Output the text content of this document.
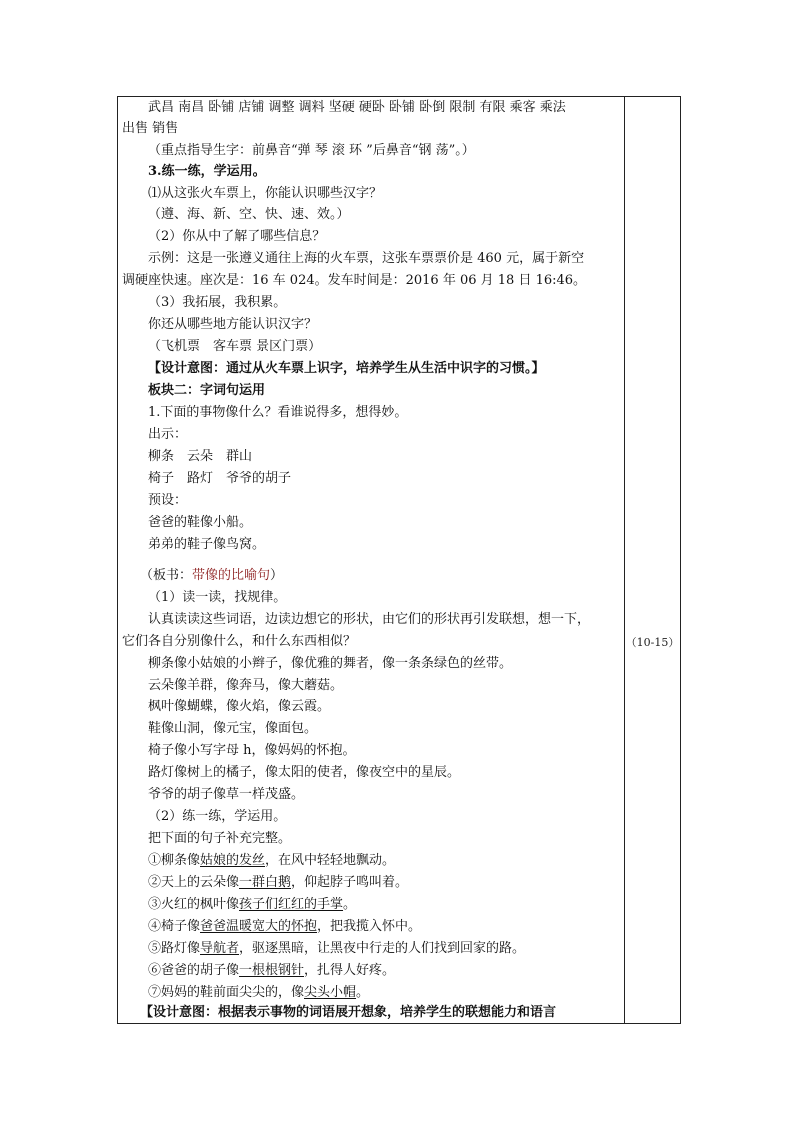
武昌 南昌 卧铺 店铺 调整 调料 坚硬 硬卧 卧铺 卧倒 限制 有限 乘客 乘法
出售 销售
（重点指导生字：前鼻音“弹 琴 滚 环 ”后鼻音“钢 荡”。）
3.练一练，学运用。
⑴从这张火车票上，你能认识哪些汉字？
（遵、海、新、空、快、速、效。）
（2）你从中了解了哪些信息？
示例：这是一张遵义通往上海的火车票，这张车票票价是 460 元，属于新空
调硬座快速。座次是：16 车 024。发车时间是：2016 年 06 月 18 日 16:46。
（3）我拓展，我积累。
你还从哪些地方能认识汉字？
（飞机票　客车票 景区门票）
【设计意图：通过从火车票上识字，培养学生从生活中识字的习惯。】
板块二：字词句运用
1.下面的事物像什么？看谁说得多，想得妙。
出示：
柳条　云朵　群山
椅子　路灯　爷爷的胡子
预设：
爸爸的鞋像小船。
弟弟的鞋子像鸟窝。
（板书：带像的比喻句）
（1）读一读，找规律。
认真读读这些词语，边读边想它的形状，由它们的形状再引发联想，想一下，
它们各自分别像什么，和什么东西相似？
柳条像小姑娘的小辫子，像优雅的舞者，像一条条绿色的丝带。
云朵像羊群，像奔马，像大蘑菇。
枫叶像蝴蝶，像火焰，像云霞。
鞋像山洞，像元宝，像面包。
椅子像小写字母 h，像妈妈的怀抱。
路灯像树上的橘子，像太阳的使者，像夜空中的星辰。
爷爷的胡子像草一样茂盛。
（2）练一练，学运用。
把下面的句子补充完整。
①柳条像姑娘的发丝，在风中轻轻地飘动。
②天上的云朵像一群白鹅，仰起脖子鸣叫着。
③火红的枫叶像孩子们红红的手掌。
④椅子像爸爸温暖宽大的怀抱，把我揽入怀中。
⑤路灯像导航者，驱逐黑暗，让黑夜中行走的人们找到回家的路。
⑥爸爸的胡子像一根根钢针，扎得人好疼。
⑦妈妈的鞋前面尖尖的，像尖头小帽。
【设计意图：根据表示事物的词语展开想象，培养学生的联想能力和语言
（10-15）
